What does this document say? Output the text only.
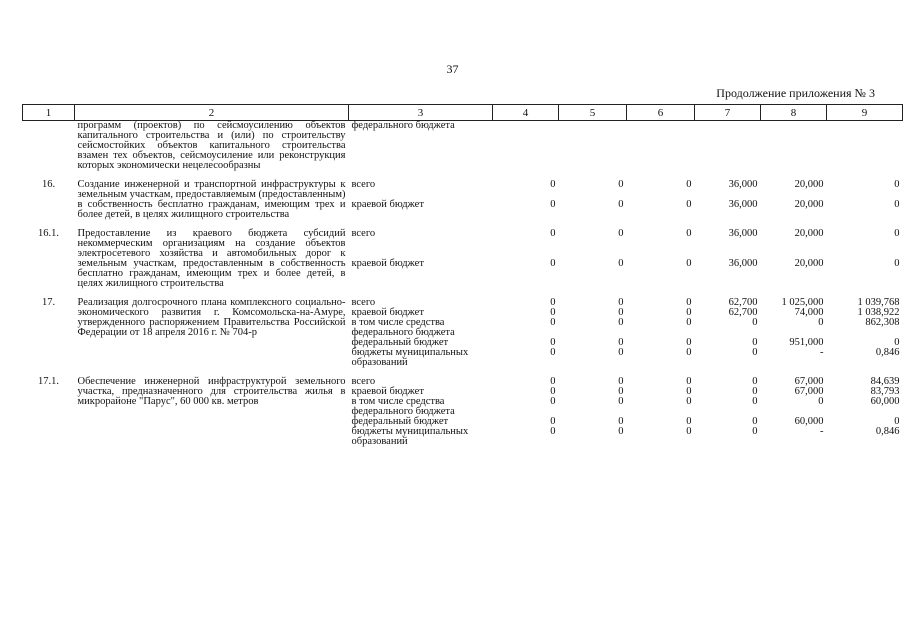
37
Продолжение приложения № 3
1	2	3	4	5	6	7	8	9
	программ (проектов) по сейсмоусилению объектов капитального строительства и (или) по строительству сейсмостойких объектов капитального строительства взамен тех объектов, сейсмоусиление или реконструкция которых экономически нецелесообразны	федерального бюджета						

16.	Создание инженерной и транспортной инфраструктуры к земельным участкам, предоставляемым (предоставленным) в собственность бесплатно гражданам, имеющим трех и более детей, в целях жилищного строительства	всего	0	0	0	36,000	20,000	0
		краевой бюджет	0	0	0	36,000	20,000	0

16.1.	Предоставление из краевого бюджета субсидий некоммерческим организациям на создание объектов электросетевого хозяйства и автомобильных дорог к земельным участкам, предоставленным в собственность бесплатно гражданам, имеющим трех и более детей, в целях жилищного строительства	всего	0	0	0	36,000	20,000	0
		краевой бюджет	0	0	0	36,000	20,000	0

17.	Реализация долгосрочного плана комплексного социально-экономического развития г. Комсомольска-на-Амуре, утвержденного распоряжением Правительства Российской Федерации от 18 апреля 2016 г. № 704-р	всего	0	0	0	62,700	1 025,000	1 039,768
		краевой бюджет	0	0	0	62,700	74,000	1 038,922
		в том числе средства федерального бюджета	0	0	0	0	0	862,308
		федеральный бюджет	0	0	0	0	951,000	0
		бюджеты муниципальных образований	0	0	0	0	-	0,846

17.1.	Обеспечение инженерной инфраструктурой земельного участка, предназначенного для строительства жилья в микрорайоне "Парус", 60 000 кв. метров	всего	0	0	0	0	67,000	84,639
		краевой бюджет	0	0	0	0	67,000	83,793
		в том числе средства федерального бюджета	0	0	0	0	0	60,000
		федеральный бюджет	0	0	0	0	60,000	0
		бюджеты муниципальных образований	0	0	0	0	-	0,846
